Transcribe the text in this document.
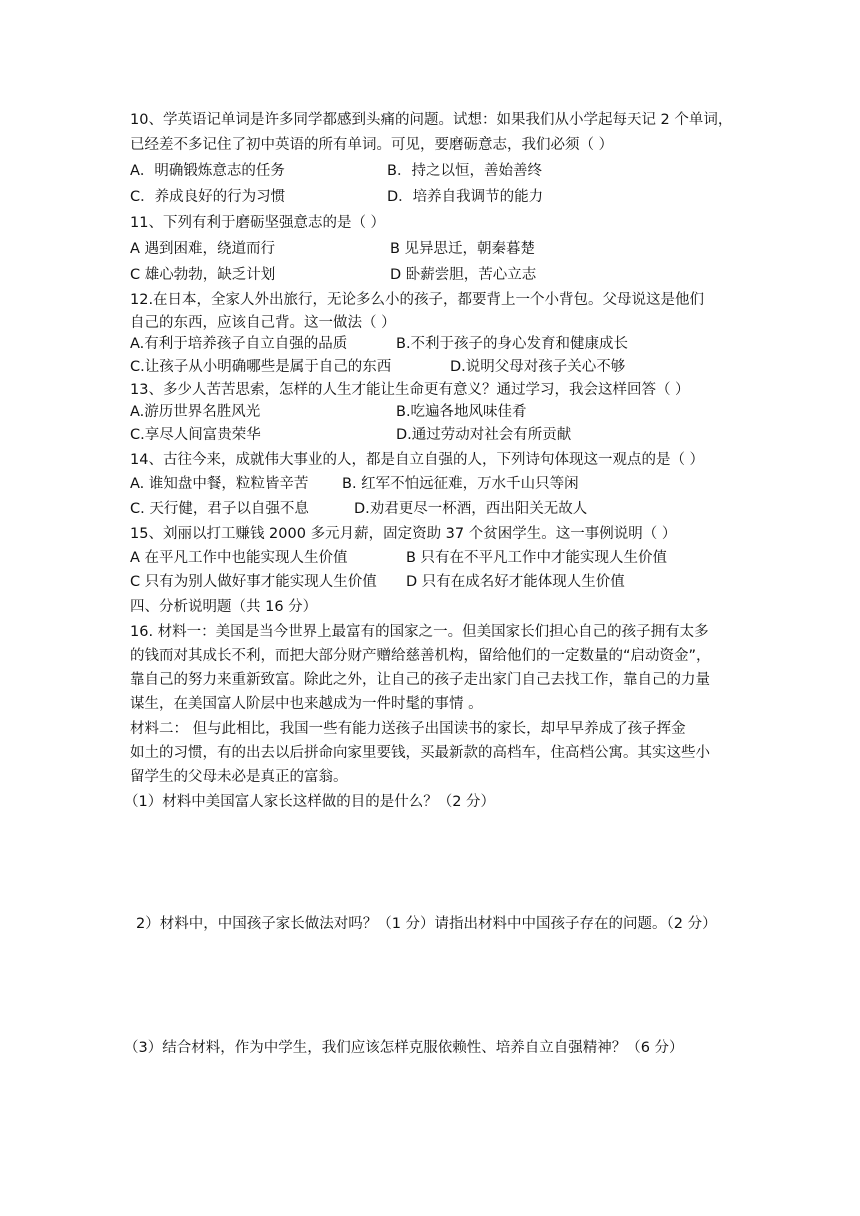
10、学英语记单词是许多同学都感到头痛的问题。试想：如果我们从小学起每天记 2 个单词，
已经差不多记住了初中英语的所有单词。可见，要磨砺意志，我们必须（ ）
A．明确锻炼意志的任务	B．持之以恒，善始善终
C．养成良好的行为习惯	D．培养自我调节的能力
11、下列有利于磨砺坚强意志的是（ ）
A 遇到困难，绕道而行	B 见异思迁，朝秦暮楚
C 雄心勃勃，缺乏计划	D 卧薪尝胆，苦心立志
12.在日本，全家人外出旅行，无论多么小的孩子，都要背上一个小背包。父母说这是他们
自己的东西，应该自己背。这一做法（ ）
A.有利于培养孩子自立自强的品质	B.不利于孩子的身心发育和健康成长
C.让孩子从小明确哪些是属于自己的东西	D.说明父母对孩子关心不够
13、多少人苦苦思索，怎样的人生才能让生命更有意义？通过学习，我会这样回答（ ）
A.游历世界名胜风光	B.吃遍各地风味佳肴
C.享尽人间富贵荣华	D.通过劳动对社会有所贡献
14、古往今来，成就伟大事业的人，都是自立自强的人，下列诗句体现这一观点的是（ ）
A. 谁知盘中餐，粒粒皆辛苦 B. 红军不怕远征难，万水千山只等闲
C. 天行健，君子以自强不息	D.劝君更尽一杯酒，西出阳关无故人
15、刘丽以打工赚钱 2000 多元月薪，固定资助 37 个贫困学生。这一事例说明（ ）
A 在平凡工作中也能实现人生价值	B 只有在不平凡工作中才能实现人生价值
C 只有为别人做好事才能实现人生价值 D 只有在成名好才能体现人生价值
四、分析说明题（共 16 分）
16. 材料一：美国是当今世界上最富有的国家之一。但美国家长们担心自己的孩子拥有太多
的钱而对其成长不利，而把大部分财产赠给慈善机构，留给他们的一定数量的“启动资金”，
靠自己的努力来重新致富。除此之外，让自己的孩子走出家门自己去找工作，靠自己的力量
谋生，在美国富人阶层中也来越成为一件时髦的事情 。
材料二： 但与此相比，我国一些有能力送孩子出国读书的家长，却早早养成了孩子挥金
如土的习惯，有的出去以后拼命向家里要钱，买最新款的高档车，住高档公寓。其实这些小
留学生的父母未必是真正的富翁。
（1）材料中美国富人家长这样做的目的是什么？（2 分）
2）材料中，中国孩子家长做法对吗？（1 分）请指出材料中中国孩子存在的问题。（2 分）
（3）结合材料，作为中学生，我们应该怎样克服依赖性、培养自立自强精神？（6 分）
